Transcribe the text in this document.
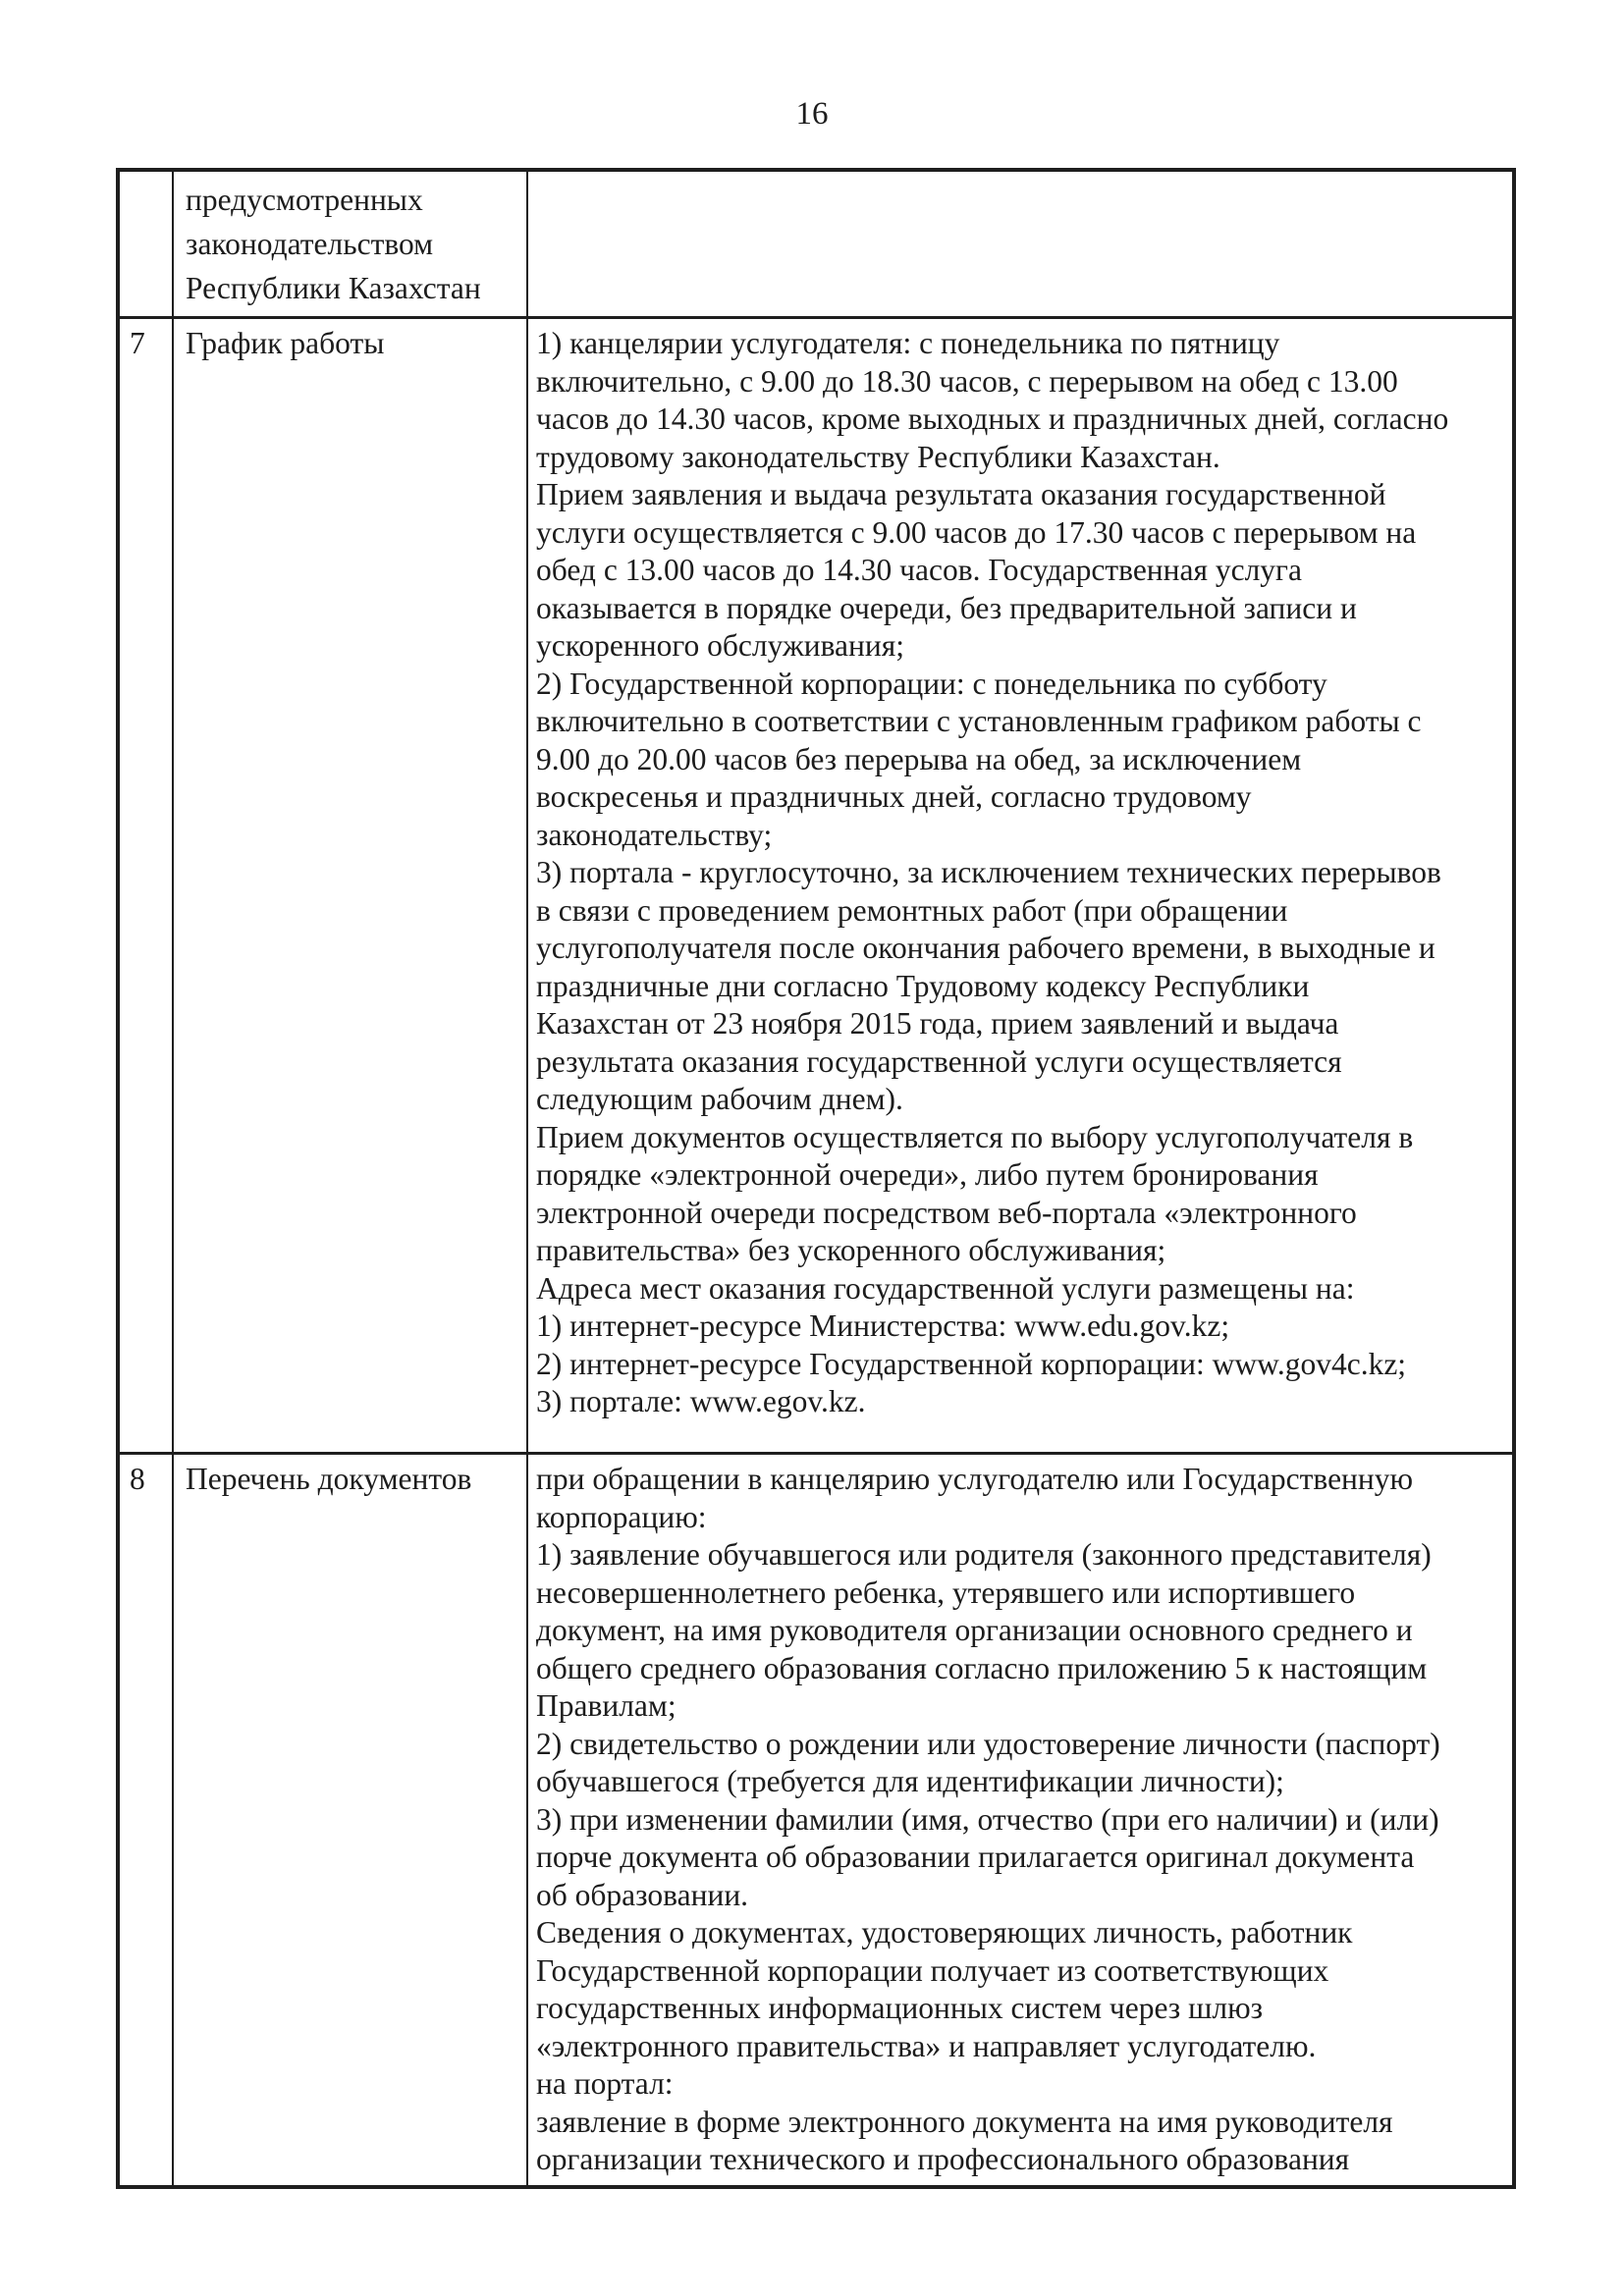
16

	предусмотренных
законодательством
Республики Казахстан	

7	График работы	1) канцелярии услугодателя: с понедельника по пятницу
включительно, с 9.00 до 18.30 часов, с перерывом на обед с 13.00
часов до 14.30 часов, кроме выходных и праздничных дней, согласно
трудовому законодательству Республики Казахстан.
Прием заявления и выдача результата оказания государственной
услуги осуществляется с 9.00 часов до 17.30 часов с перерывом на
обед с 13.00 часов до 14.30 часов. Государственная услуга
оказывается в порядке очереди, без предварительной записи и
ускоренного обслуживания;
2) Государственной корпорации: с понедельника по субботу
включительно в соответствии с установленным графиком работы с
9.00 до 20.00 часов без перерыва на обед, за исключением
воскресенья и праздничных дней, согласно трудовому
законодательству;
3) портала - круглосуточно, за исключением технических перерывов
в связи с проведением ремонтных работ (при обращении
услугополучателя после окончания рабочего времени, в выходные и
праздничные дни согласно Трудовому кодексу Республики
Казахстан от 23 ноября 2015 года, прием заявлений и выдача
результата оказания государственной услуги осуществляется
следующим рабочим днем).
Прием документов осуществляется по выбору услугополучателя в
порядке «электронной очереди», либо путем бронирования
электронной очереди посредством веб-портала «электронного
правительства» без ускоренного обслуживания;
Адреса мест оказания государственной услуги размещены на:
1) интернет-ресурсе Министерства: www.edu.gov.kz;
2) интернет-ресурсе Государственной корпорации: www.gov4c.kz;
3) портале: www.egov.kz.

8	Перечень документов	при обращении в канцелярию услугодателю или Государственную
корпорацию:
1) заявление обучавшегося или родителя (законного представителя)
несовершеннолетнего ребенка, утерявшего или испортившего
документ, на имя руководителя организации основного среднего и
общего среднего образования согласно приложению 5 к настоящим
Правилам;
2) свидетельство о рождении или удостоверение личности (паспорт)
обучавшегося (требуется для идентификации личности);
3) при изменении фамилии (имя, отчество (при его наличии) и (или)
порче документа об образовании прилагается оригинал документа
об образовании.
Сведения о документах, удостоверяющих личность, работник
Государственной корпорации получает из соответствующих
государственных информационных систем через шлюз
«электронного правительства» и направляет услугодателю.
на портал:
заявление в форме электронного документа на имя руководителя
организации технического и профессионального образования
